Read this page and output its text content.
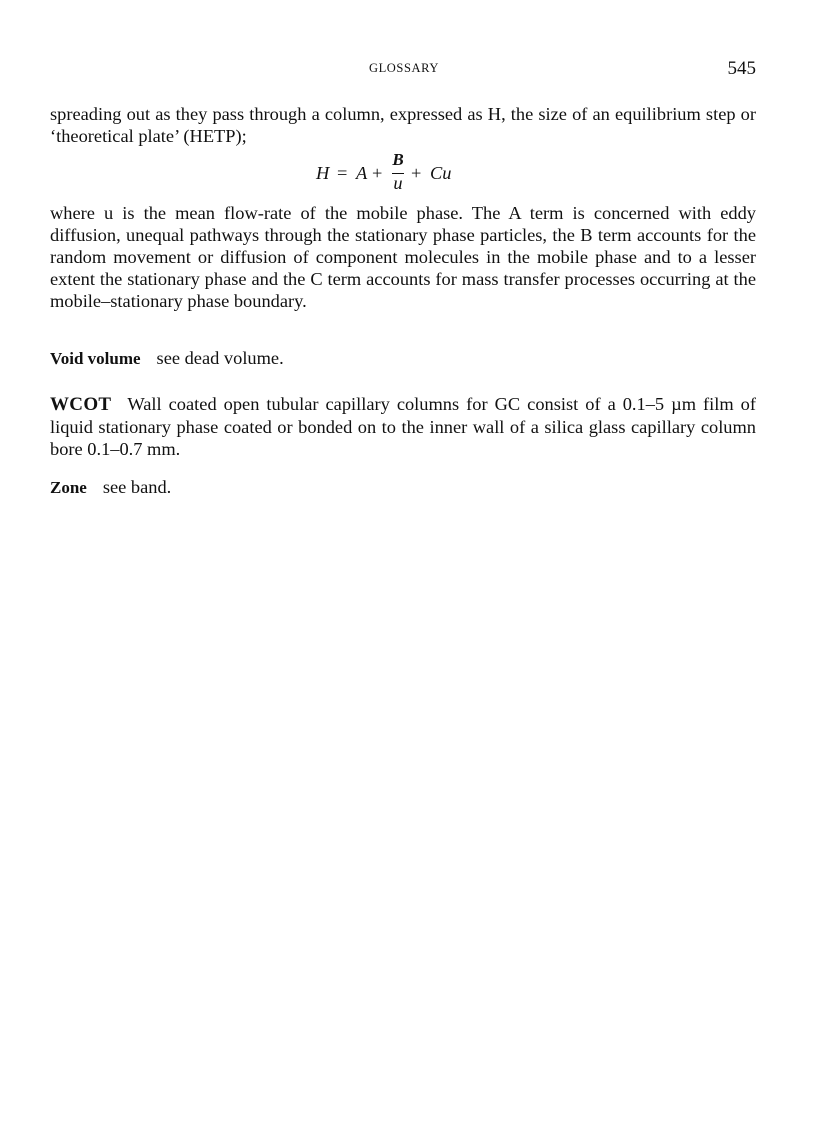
GLOSSARY	545

spreading out as they pass through a column, expressed as H, the size of an equilibrium step or ‘theoretical plate’ (HETP);

H = A +
B
u + Cu

where u is the mean flow-rate of the mobile phase. The A term is concerned with eddy diffusion, unequal pathways through the stationary phase particles, the B term accounts for the random movement or diffusion of component molecules in the mobile phase and to a lesser extent the stationary phase and the C term accounts for mass transfer processes occurring at the mobile–stationary phase boundary.

Void volume see dead volume.

WCOT Wall coated open tubular capillary columns for GC consist of a 0.1–5 µm film of liquid stationary phase coated or bonded on to the inner wall of a silica glass capillary column bore 0.1–0.7 mm.

Zone see band.
